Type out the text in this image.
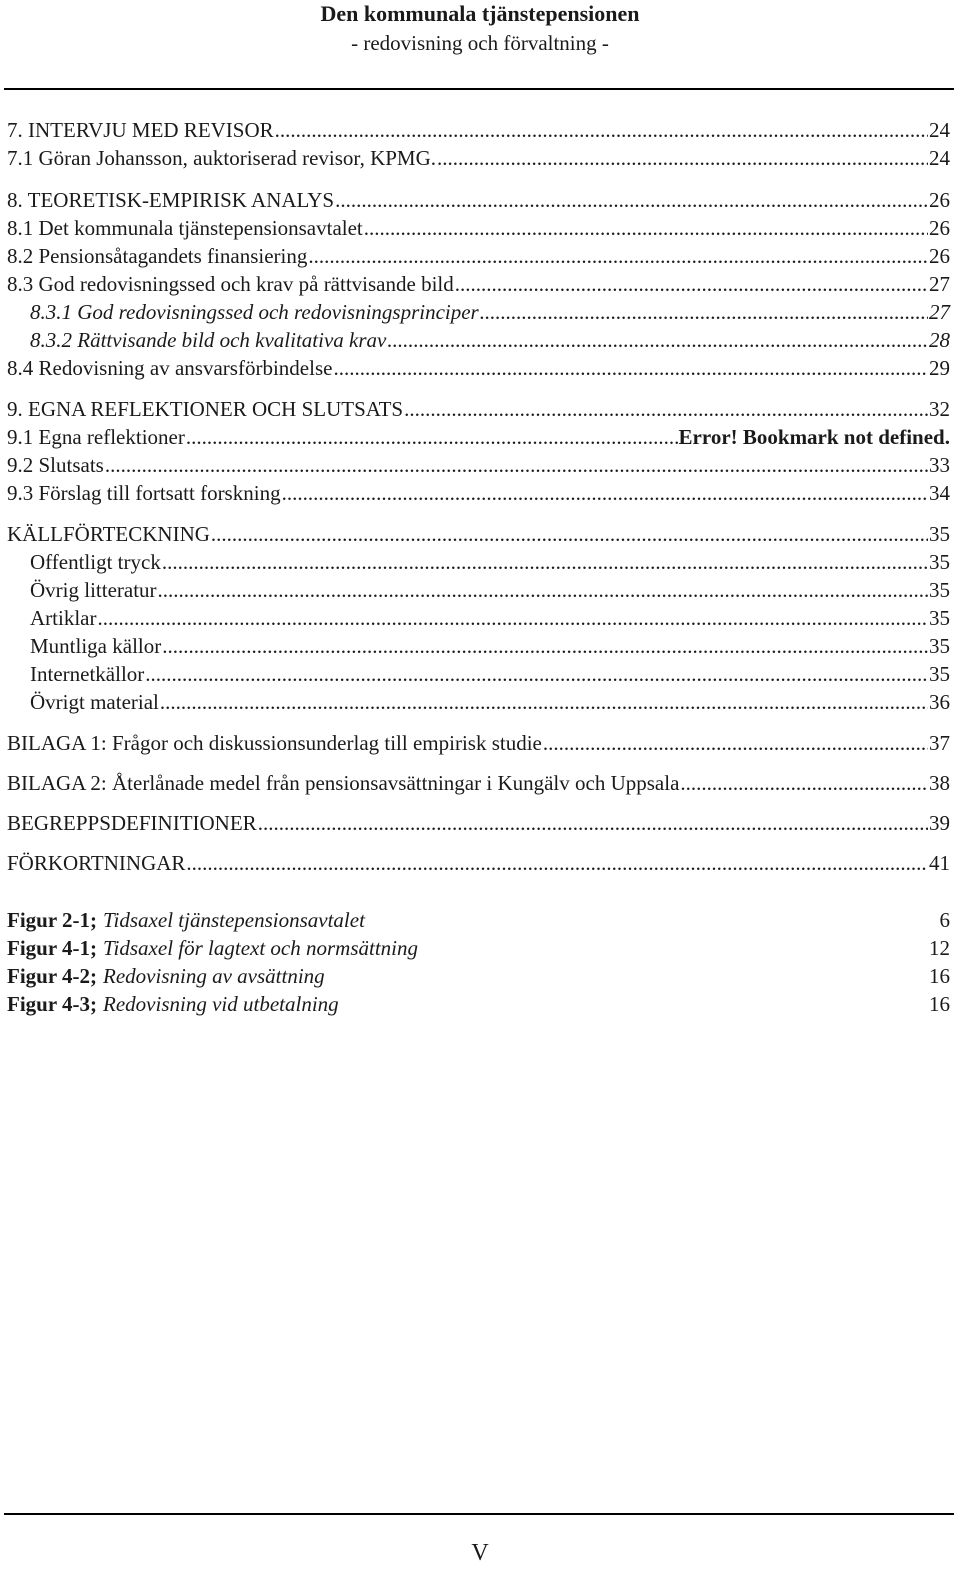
Den kommunala tjänstepensionen
- redovisning och förvaltning -
7. INTERVJU MED REVISOR .....	24
7.1 Göran Johansson, auktoriserad revisor, KPMG. .....	24
8. TEORETISK-EMPIRISK ANALYS .....	26
8.1 Det kommunala tjänstepensionsavtalet .....	26
8.2 Pensionsåtagandets finansiering .....	26
8.3 God redovisningssed och krav på rättvisande bild .....	27
8.3.1 God redovisningssed och redovisningsprinciper .....	27
8.3.2 Rättvisande bild och kvalitativa krav .....	28
8.4 Redovisning av ansvarsförbindelse .....	29
9. EGNA REFLEKTIONER OCH SLUTSATS .....	32
9.1 Egna reflektioner .....	Error! Bookmark not defined.
9.2 Slutsats .....	33
9.3 Förslag till fortsatt forskning .....	34
KÄLLFÖRTECKNING .....	35
Offentligt tryck .....	35
Övrig litteratur .....	35
Artiklar .....	35
Muntliga källor .....	35
Internetkällor .....	35
Övrigt material .....	36
BILAGA 1: Frågor och diskussionsunderlag till empirisk studie .....	37
BILAGA 2: Återlånade medel från pensionsavsättningar i Kungälv och Uppsala .....	38
BEGREPPSDEFINITIONER .....	39
FÖRKORTNINGAR .....	41
Figur 2-1; Tidsaxel tjänstepensionsavtalet	6
Figur 4-1; Tidsaxel för lagtext och normsättning	12
Figur 4-2; Redovisning av avsättning	16
Figur 4-3; Redovisning vid utbetalning	16
V
